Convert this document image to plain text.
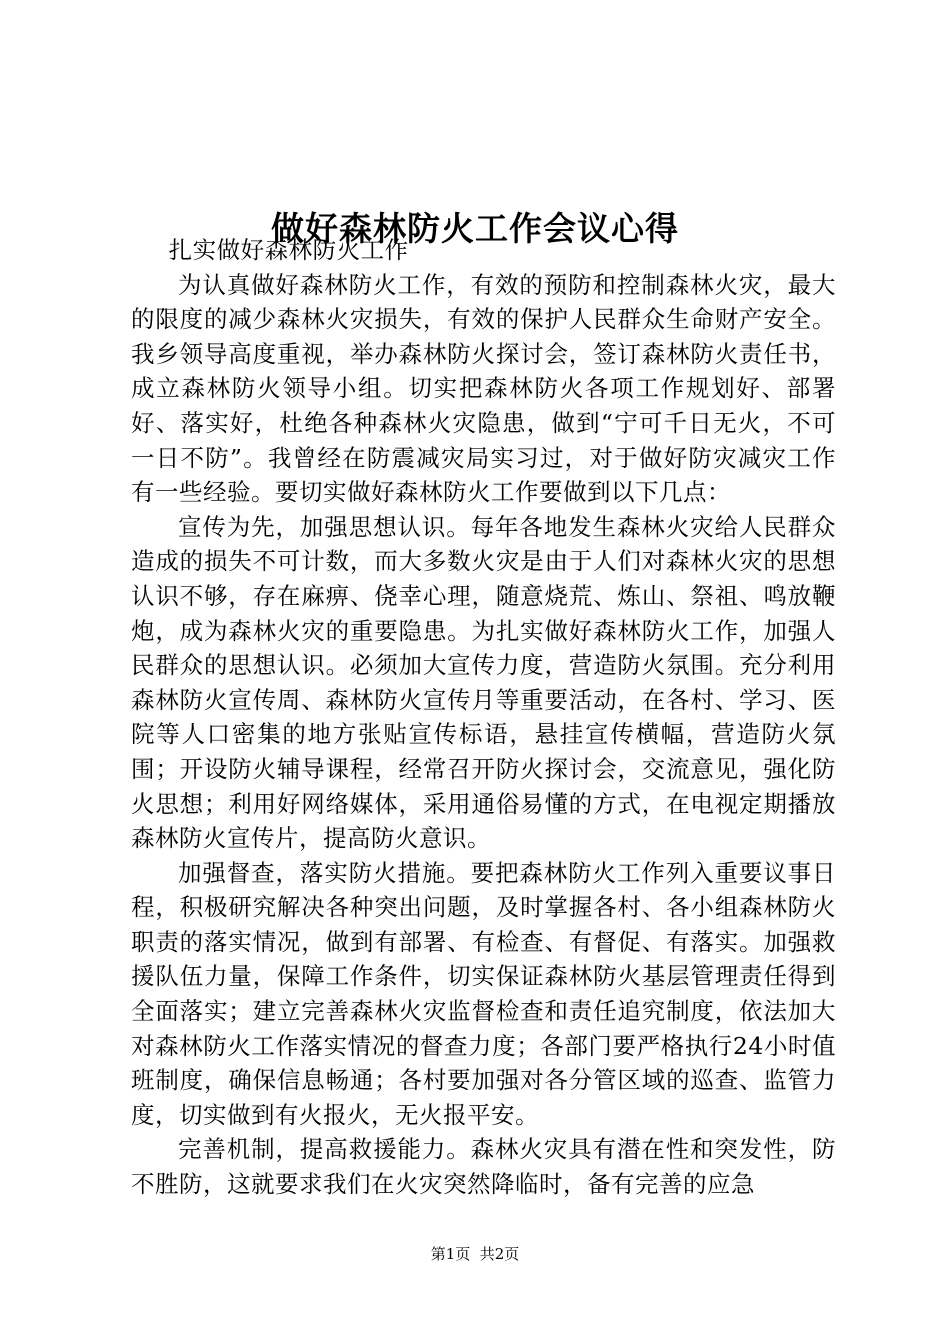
做好森林防火工作会议心得

扎实做好森林防火工作

为认真做好森林防火工作，有效的预防和控制森林火灾，最大的限度的减少森林火灾损失，有效的保护人民群众生命财产安全。我乡领导高度重视，举办森林防火探讨会，签订森林防火责任书，成立森林防火领导小组。切实把森林防火各项工作规划好、部署好、落实好，杜绝各种森林火灾隐患，做到“宁可千日无火，不可一日不防”。我曾经在防震减灾局实习过，对于做好防灾减灾工作有一些经验。要切实做好森林防火工作要做到以下几点：

宣传为先，加强思想认识。每年各地发生森林火灾给人民群众造成的损失不可计数，而大多数火灾是由于人们对森林火灾的思想认识不够，存在麻痹、侥幸心理，随意烧荒、炼山、祭祖、鸣放鞭炮，成为森林火灾的重要隐患。为扎实做好森林防火工作，加强人民群众的思想认识。必须加大宣传力度，营造防火氛围。充分利用森林防火宣传周、森林防火宣传月等重要活动，在各村、学习、医院等人口密集的地方张贴宣传标语，悬挂宣传横幅，营造防火氛围；开设防火辅导课程，经常召开防火探讨会，交流意见，强化防火思想；利用好网络媒体，采用通俗易懂的方式，在电视定期播放森林防火宣传片，提高防火意识。

加强督查，落实防火措施。要把森林防火工作列入重要议事日程，积极研究解决各种突出问题，及时掌握各村、各小组森林防火职责的落实情况，做到有部署、有检查、有督促、有落实。加强救援队伍力量，保障工作条件，切实保证森林防火基层管理责任得到全面落实；建立完善森林火灾监督检查和责任追究制度，依法加大对森林防火工作落实情况的督查力度；各部门要严格执行24小时值班制度，确保信息畅通；各村要加强对各分管区域的巡查、监管力度，切实做到有火报火，无火报平安。

完善机制，提高救援能力。森林火灾具有潜在性和突发性，防不胜防，这就要求我们在火灾突然降临时，备有完善的应急

第1页  共2页
